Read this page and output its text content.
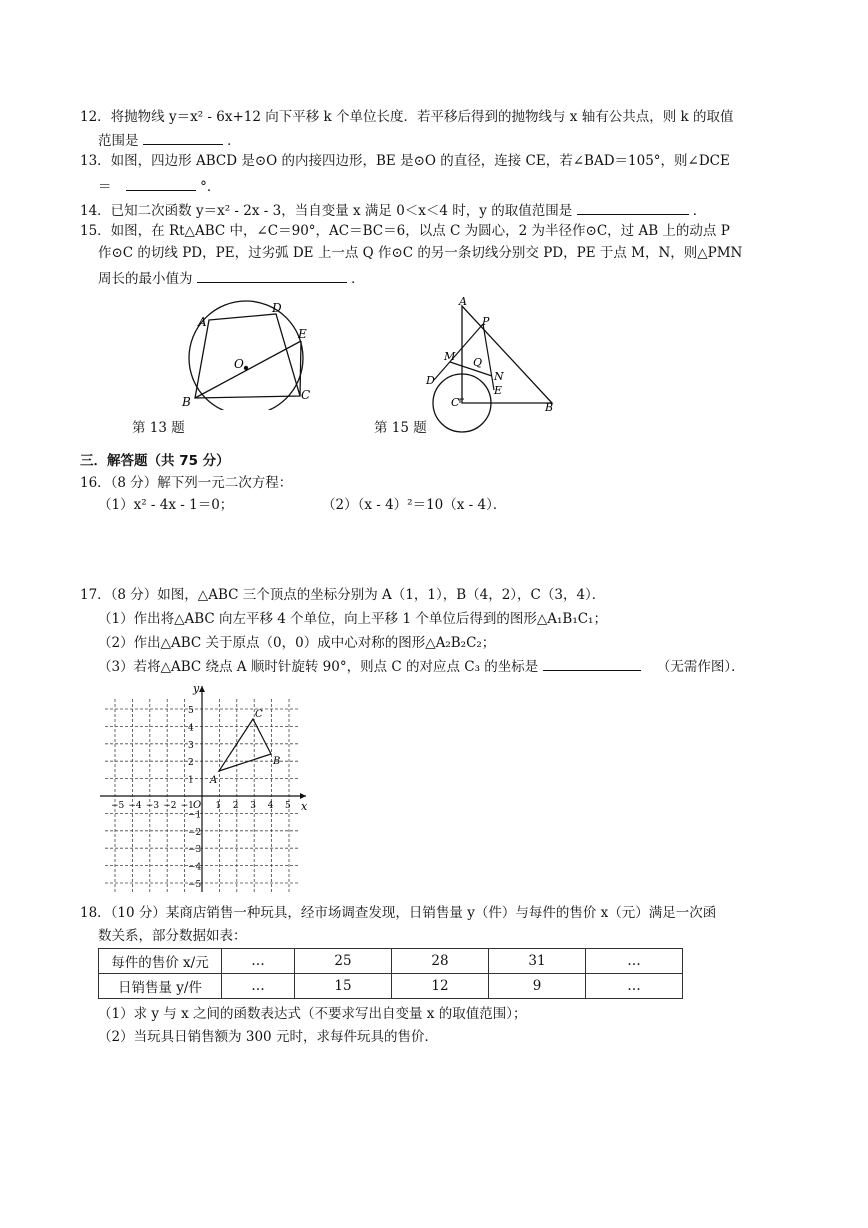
12．将抛物线 y＝x² - 6x+12 向下平移 k 个单位长度．若平移后得到的抛物线与 x 轴有公共点，则 k 的取值
范围是	．
13．如图，四边形 ABCD 是⊙O 的内接四边形，BE 是⊙O 的直径，连接 CE，若∠BAD＝105°，则∠DCE
＝	°．
14．已知二次函数 y＝x² - 2x - 3，当自变量 x 满足 0＜x＜4 时，y 的取值范围是	．
15．如图，在 Rt△ABC 中，∠C＝90°，AC＝BC＝6，以点 C 为圆心，2 为半径作⊙C，过 AB 上的动点 P
作⊙C 的切线 PD，PE，过劣弧 DE 上一点 Q 作⊙C 的另一条切线分别交 PD，PE 于点 M，N，则△PMN
周长的最小值为	．
A
D
E
O
B	C
第 13 题
A
P
M Q
N
D
E
C	B
第 15 题
三．解答题（共 75 分）
16．（8 分）解下列一元二次方程：
（1）x² - 4x - 1＝0；	（2）（x - 4）²＝10（x - 4）．
17．（8 分）如图，△ABC 三个顶点的坐标分别为 A（1，1），B（4，2），C（3，4）．
（1）作出将△ABC 向左平移 4 个单位，向上平移 1 个单位后得到的图形△A₁B₁C₁；
（2）作出△ABC 关于原点（0，0）成中心对称的图形△A₂B₂C₂；
（3）若将△ABC 绕点 A 顺时针旋转 90°，则点 C 的对应点 C₃ 的坐标是	（无需作图）．
x
y
O
−5 −4 −3 −2 −1 1 2 3 4 5
5
4
3
2
1
−1
−2
−3
−4
−5
A
B
C
18．（10 分）某商店销售一种玩具，经市场调查发现，日销售量 y（件）与每件的售价 x（元）满足一次函
数关系，部分数据如表：
每件的售价 x/元	…	25	28	31	…
日销售量 y/件	…	15	12	9	…
（1）求 y 与 x 之间的函数表达式（不要求写出自变量 x 的取值范围）；
（2）当玩具日销售额为 300 元时，求每件玩具的售价．
